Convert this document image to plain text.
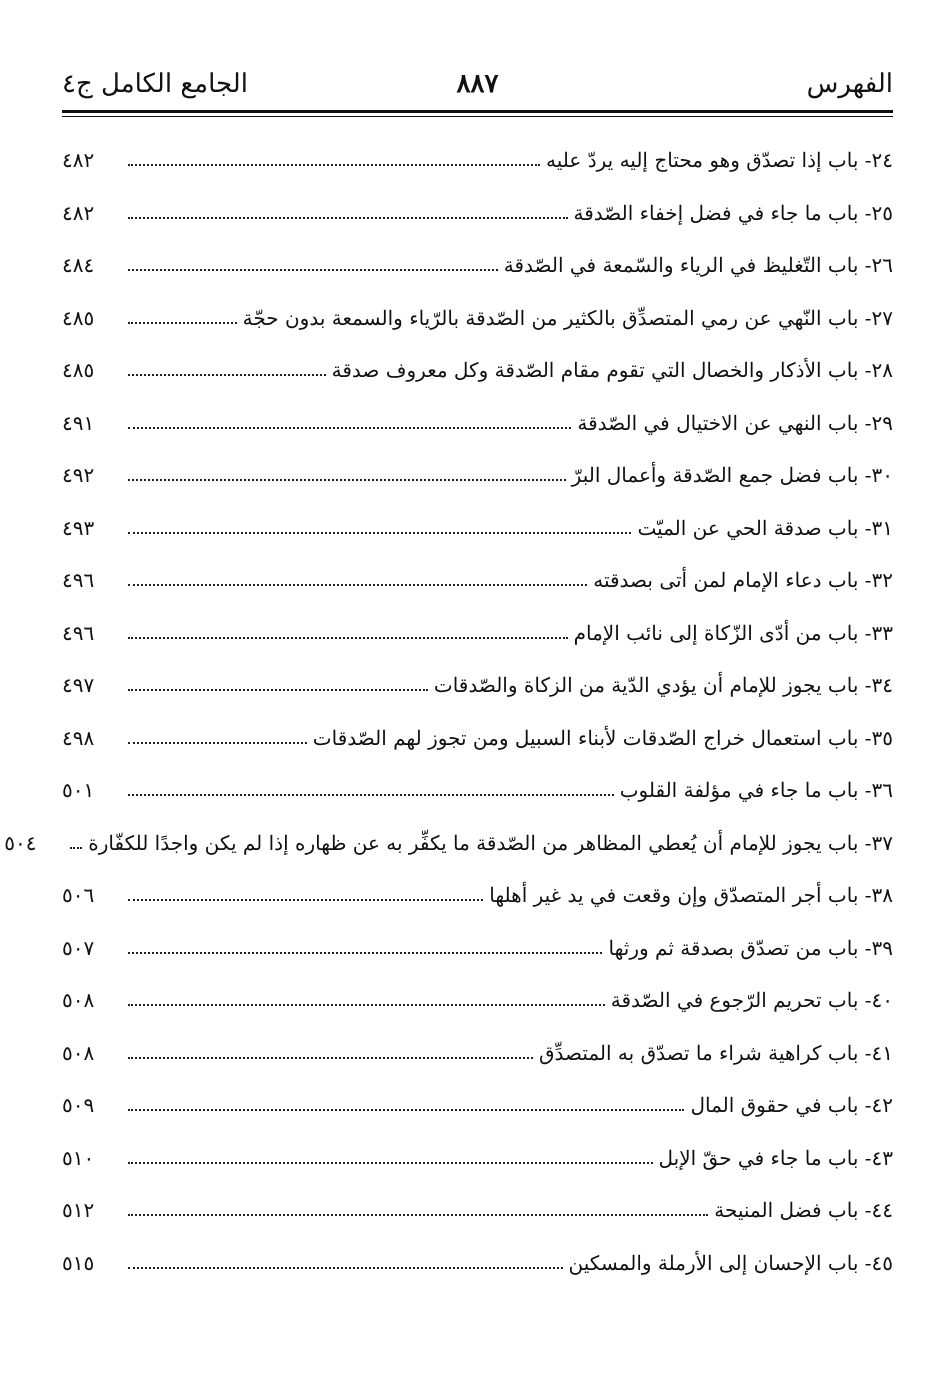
الفهرس
٨٨٧
الجامع الكامل ج٤
٢٤- باب إذا تصدّق وهو محتاج إليه يردّ عليه
٤٨٢
٢٥- باب ما جاء في فضل إخفاء الصّدقة
٤٨٢
٢٦- باب التّغليظ في الرياء والسّمعة في الصّدقة
٤٨٤
٢٧- باب النّهي عن رمي المتصدِّق بالكثير من الصّدقة بالرّياء والسمعة بدون حجّة
٤٨٥
٢٨- باب الأذكار والخصال التي تقوم مقام الصّدقة وكل معروف صدقة
٤٨٥
٢٩- باب النهي عن الاختيال في الصّدقة
٤٩١
٣٠- باب فضل جمع الصّدقة وأعمال البرّ
٤٩٢
٣١- باب صدقة الحي عن الميّت
٤٩٣
٣٢- باب دعاء الإمام لمن أتى بصدقته
٤٩٦
٣٣- باب من أدّى الزّكاة إلى نائب الإمام
٤٩٦
٣٤- باب يجوز للإمام أن يؤدي الدّية من الزكاة والصّدقات
٤٩٧
٣٥- باب استعمال خراج الصّدقات لأبناء السبيل ومن تجوز لهم الصّدقات
٤٩٨
٣٦- باب ما جاء في مؤلفة القلوب
٥٠١
٣٧- باب يجوز للإمام أن يُعطي المظاهر من الصّدقة ما يكفِّر به عن ظهاره إذا لم يكن واجدًا للكفّارة
٥٠٤
٣٨- باب أجر المتصدّق وإن وقعت في يد غير أهلها
٥٠٦
٣٩- باب من تصدّق بصدقة ثم ورثها
٥٠٧
٤٠- باب تحريم الرّجوع في الصّدقة
٥٠٨
٤١- باب كراهية شراء ما تصدّق به المتصدِّق
٥٠٨
٤٢- باب في حقوق المال
٥٠٩
٤٣- باب ما جاء في حقّ الإبل
٥١٠
٤٤- باب فضل المنيحة
٥١٢
٤٥- باب الإحسان إلى الأرملة والمسكين
٥١٥
